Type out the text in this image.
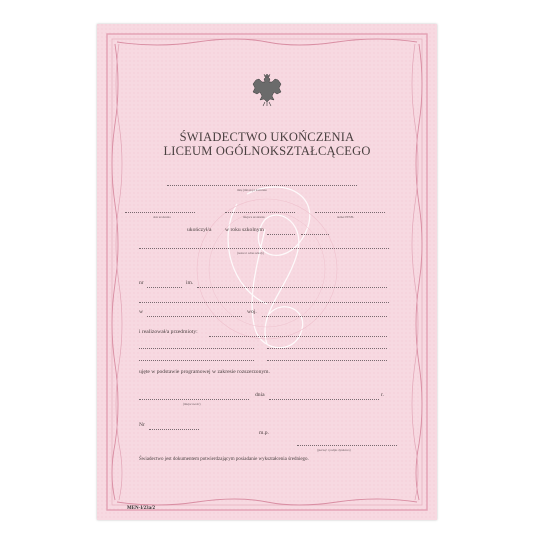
ŚWIADECTWO UKOŃCZENIA
LICEUM OGÓLNOKSZTAŁCĄCEGO
imię (imiona) i nazwisko
data urodzenia	miejsce urodzenia	numer PESEL
ukończył/a w roku szkolnym
(nazwa i adres szkoły)
nr	im.
w	woj.
i realizował/a przedmioty:
ujęte w podstawie programowej w zakresie rozszerzonym.
(miejscowość)
dnia	r.
Nr
m.p.
(pieczęć i podpis dyrektora)
Świadectwo jest dokumentem potwierdzającym posiadanie wykształcenia średniego.
MEN-I/23a/2
